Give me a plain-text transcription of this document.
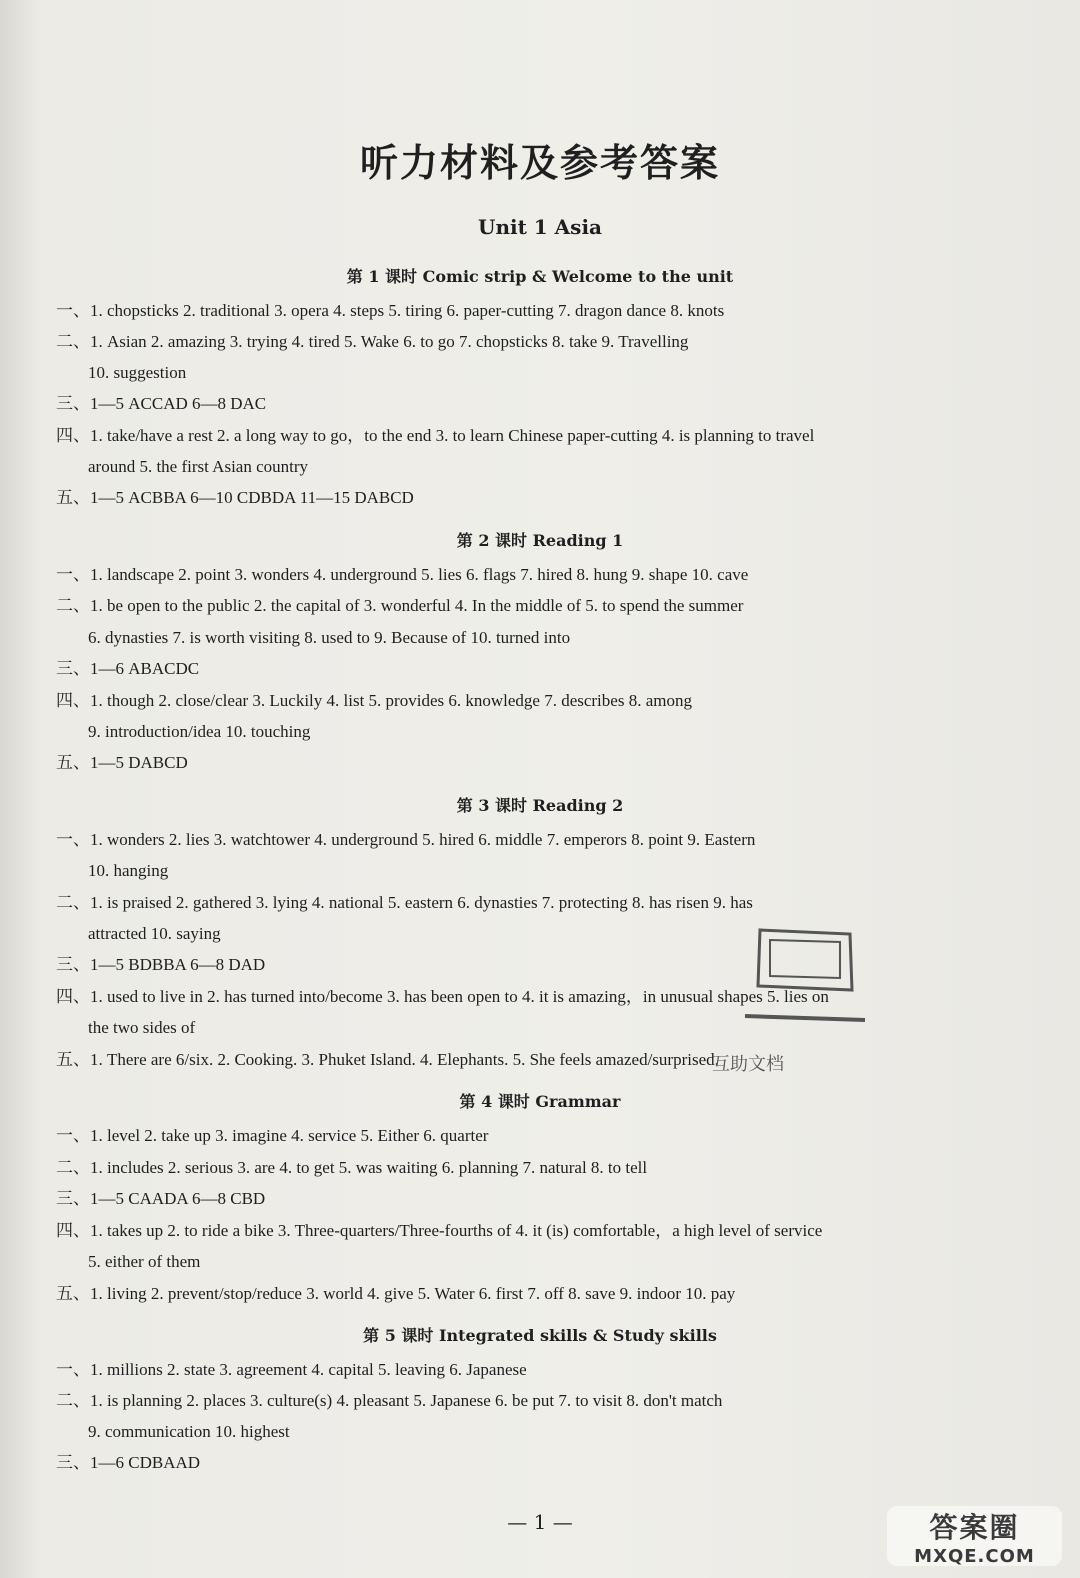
听力材料及参考答案
Unit 1 Asia
第 1 课时 Comic strip & Welcome to the unit
一、1. chopsticks 2. traditional 3. opera 4. steps 5. tiring 6. paper-cutting 7. dragon dance 8. knots
二、1. Asian 2. amazing 3. trying 4. tired 5. Wake 6. to go 7. chopsticks 8. take 9. Travelling
10. suggestion
三、1—5 ACCAD 6—8 DAC
四、1. take/have a rest 2. a long way to go，to the end 3. to learn Chinese paper-cutting 4. is planning to travel
around 5. the first Asian country
五、1—5 ACBBA 6—10 CDBDA 11—15 DABCD
第 2 课时 Reading 1
一、1. landscape 2. point 3. wonders 4. underground 5. lies 6. flags 7. hired 8. hung 9. shape 10. cave
二、1. be open to the public 2. the capital of 3. wonderful 4. In the middle of 5. to spend the summer
6. dynasties 7. is worth visiting 8. used to 9. Because of 10. turned into
三、1—6 ABACDC
四、1. though 2. close/clear 3. Luckily 4. list 5. provides 6. knowledge 7. describes 8. among
9. introduction/idea 10. touching
五、1—5 DABCD
第 3 课时 Reading 2
一、1. wonders 2. lies 3. watchtower 4. underground 5. hired 6. middle 7. emperors 8. point 9. Eastern
10. hanging
二、1. is praised 2. gathered 3. lying 4. national 5. eastern 6. dynasties 7. protecting 8. has risen 9. has
attracted 10. saying
三、1—5 BDBBA 6—8 DAD
四、1. used to live in 2. has turned into/become 3. has been open to 4. it is amazing，in unusual shapes 5. lies on
the two sides of
五、1. There are 6/six. 2. Cooking. 3. Phuket Island. 4. Elephants. 5. She feels amazed/surprised.
第 4 课时 Grammar
一、1. level 2. take up 3. imagine 4. service 5. Either 6. quarter
二、1. includes 2. serious 3. are 4. to get 5. was waiting 6. planning 7. natural 8. to tell
三、1—5 CAADA 6—8 CBD
四、1. takes up 2. to ride a bike 3. Three-quarters/Three-fourths of 4. it (is) comfortable，a high level of service
5. either of them
五、1. living 2. prevent/stop/reduce 3. world 4. give 5. Water 6. first 7. off 8. save 9. indoor 10. pay
第 5 课时 Integrated skills & Study skills
一、1. millions 2. state 3. agreement 4. capital 5. leaving 6. Japanese
二、1. is planning 2. places 3. culture(s) 4. pleasant 5. Japanese 6. be put 7. to visit 8. don't match
9. communication 10. highest
三、1—6 CDBAAD
互助文档
— 1 —	答案圈
MXQE.COM
